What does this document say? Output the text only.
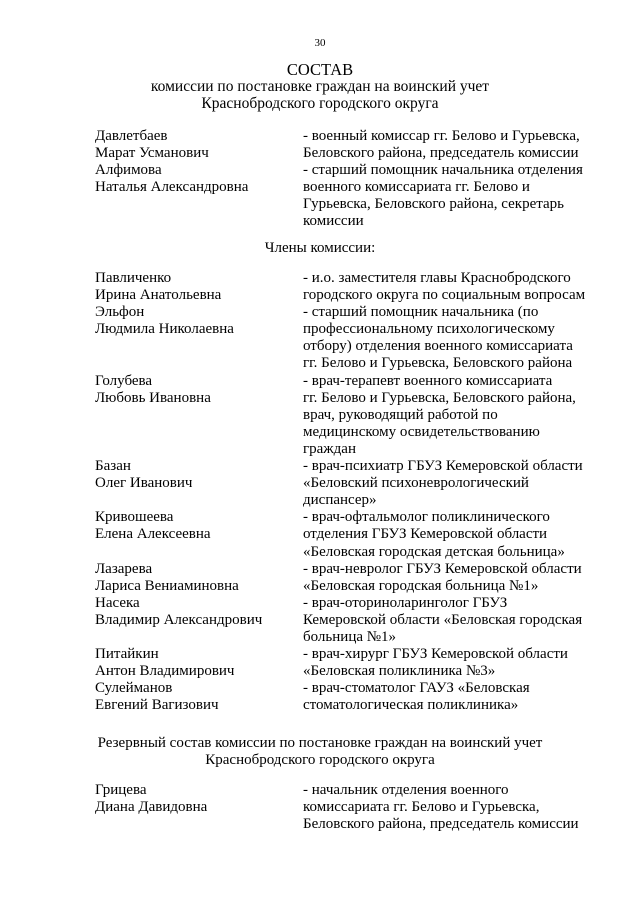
30
СОСТАВ
комиссии по постановке граждан на воинский учет
Краснобродского городского округа
Давлетбаев
Марат Усманович
- военный комиссар гг. Белово и Гурьевска,
Беловского района, председатель комиссии
Алфимова
Наталья Александровна
- старший помощник начальника отделения
военного комиссариата гг. Белово и
Гурьевска, Беловского района, секретарь
комиссии
Члены комиссии:
Павличенко
Ирина Анатольевна
- и.о. заместителя главы Краснобродского
городского округа по социальным вопросам
Эльфон
Людмила Николаевна
- старший помощник начальника (по
профессиональному психологическому
отбору) отделения военного комиссариата
гг. Белово и Гурьевска, Беловского района
Голубева
Любовь Ивановна
- врач-терапевт военного комиссариата
гг. Белово и Гурьевска, Беловского района,
врач, руководящий работой по
медицинскому освидетельствованию
граждан
Базан
Олег Иванович
- врач-психиатр ГБУЗ Кемеровской области
«Беловский психоневрологический
диспансер»
Кривошеева
Елена Алексеевна
- врач-офтальмолог поликлинического
отделения ГБУЗ Кемеровской области
«Беловская городская детская больница»
Лазарева
Лариса Вениаминовна
- врач-невролог ГБУЗ Кемеровской области
«Беловская городская больница №1»
Насека
Владимир Александрович
- врач-оториноларинголог ГБУЗ
Кемеровской области «Беловская городская
больница №1»
Питайкин
Антон Владимирович
- врач-хирург ГБУЗ Кемеровской области
«Беловская поликлиника №3»
Сулейманов
Евгений Вагизович
- врач-стоматолог ГАУЗ «Беловская
стоматологическая поликлиника»
Резервный состав комиссии по постановке граждан на воинский учет
Краснобродского городского округа
Грицева
Диана Давидовна
- начальник отделения военного
комиссариата гг. Белово и Гурьевска,
Беловского района, председатель комиссии
